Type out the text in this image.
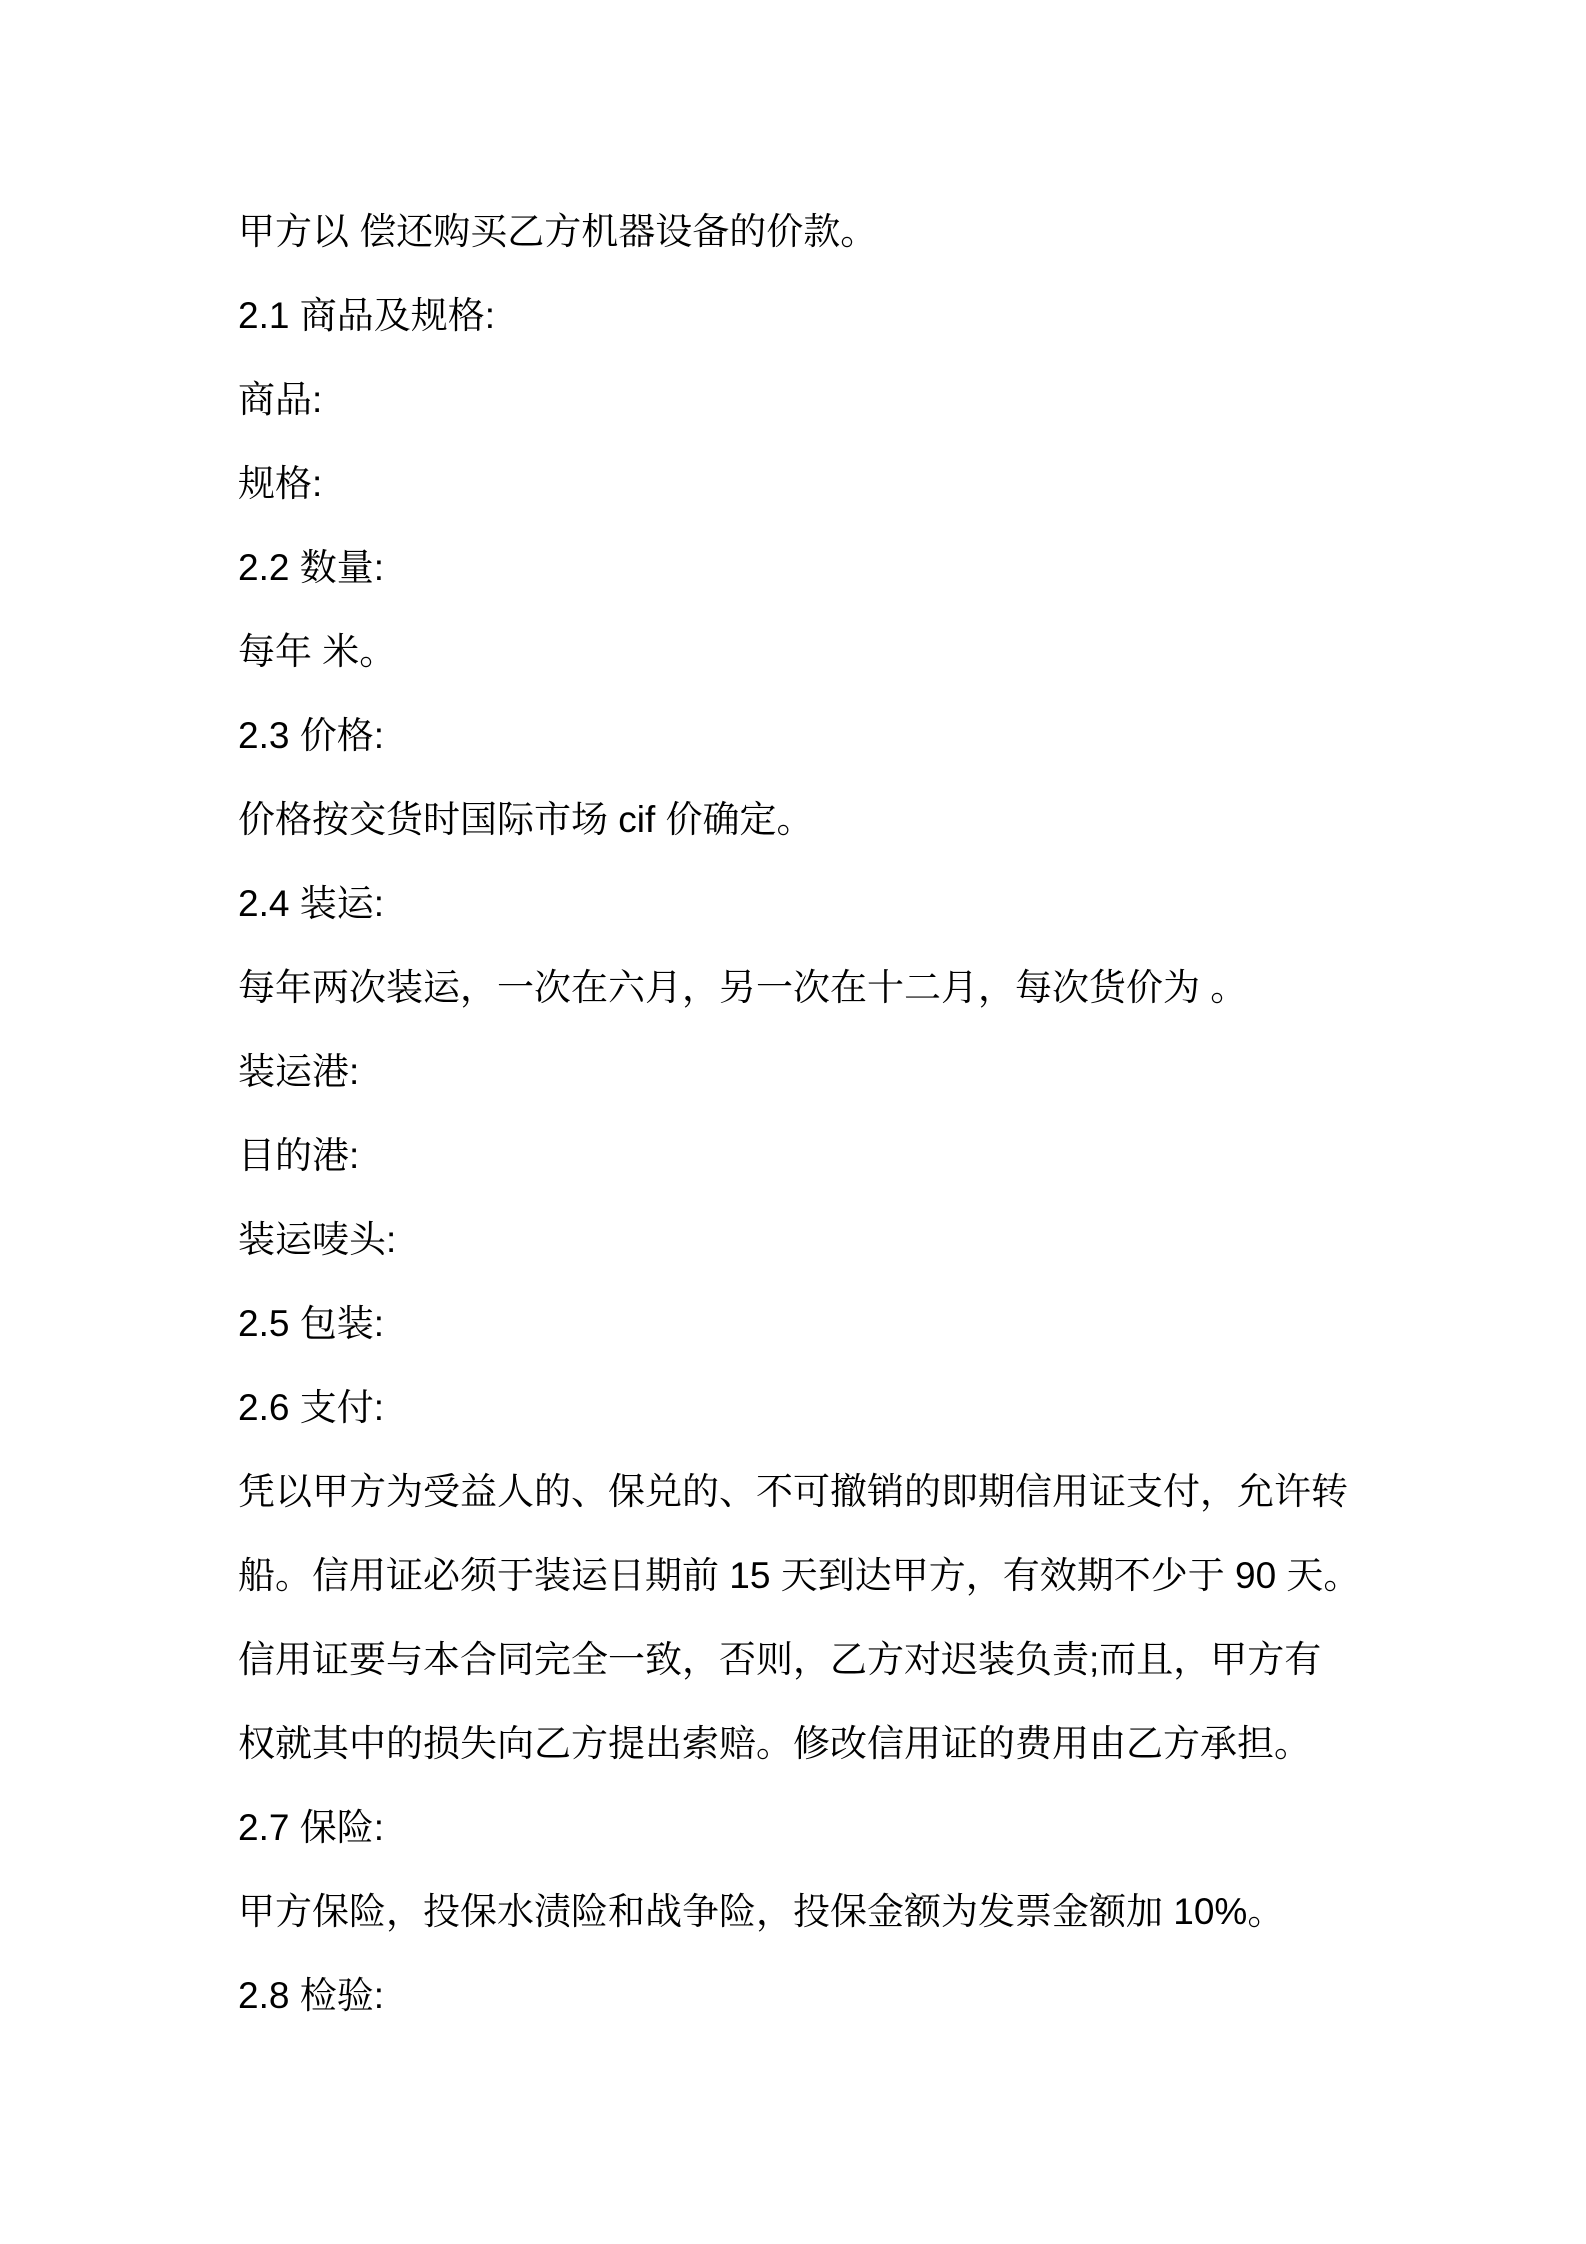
甲方以 偿还购买乙方机器设备的价款。
2.1 商品及规格:
商品:
规格:
2.2 数量:
每年 米。
2.3 价格:
价格按交货时国际市场 cif 价确定。
2.4 装运:
每年两次装运，一次在六月，另一次在十二月，每次货价为 。
装运港:
目的港:
装运唛头:
2.5 包装:
2.6 支付:
凭以甲方为受益人的、保兑的、不可撤销的即期信用证支付，允许转
船。信用证必须于装运日期前 15 天到达甲方，有效期不少于 90 天。
信用证要与本合同完全一致，否则，乙方对迟装负责;而且，甲方有
权就其中的损失向乙方提出索赔。修改信用证的费用由乙方承担。
2.7 保险:
甲方保险，投保水渍险和战争险，投保金额为发票金额加 10%。
2.8 检验:
